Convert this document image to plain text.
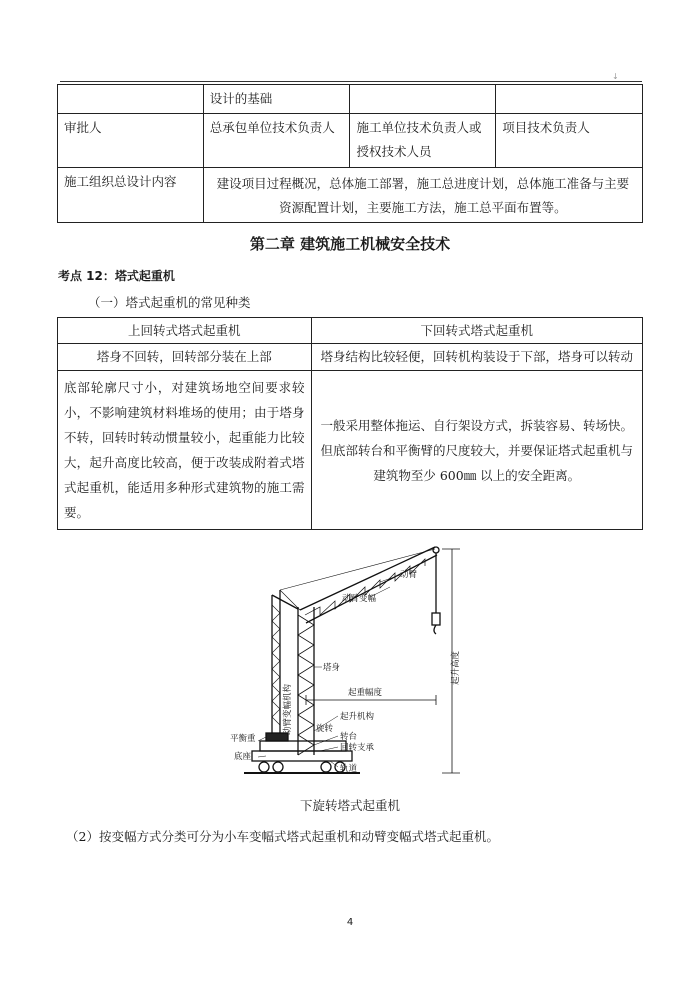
↓
	设计的基础		
审批人	总承包单位技术负责人	施工单位技术负责人或授权技术人员	项目技术负责人
施工组织总设计内容	建设项目过程概况，总体施工部署，施工总进度计划，总体施工准备与主要资源配置计划，主要施工方法，施工总平面布置等。		
第二章 建筑施工机械安全技术
考点 12：塔式起重机
（一）塔式起重机的常见种类
上回转式塔式起重机	下回转式塔式起重机
塔身不回转，回转部分装在上部	塔身结构比较轻便，回转机构装设于下部，塔身可以转动
底部轮廓尺寸小，对建筑场地空间要求较小，不影响建筑材料堆场的使用；由于塔身不转，回转时转动惯量较小，起重能力比较大，起升高度比较高，便于改装成附着式塔式起重机，能适用多种形式建筑物的施工需要。	一般采用整体拖运、自行架设方式，拆装容易、转场快。但底部转台和平衡臂的尺度较大，并要保证塔式起重机与建筑物至少 600㎜ 以上的安全距离。
动臂
动臂变幅
塔身
起重幅度
起升高度
动臂变幅机构	起升机构
旋转
转台
回转支承
平衡重
底座
轨道
下旋转塔式起重机
（2）按变幅方式分类可分为小车变幅式塔式起重机和动臂变幅式塔式起重机。
4
